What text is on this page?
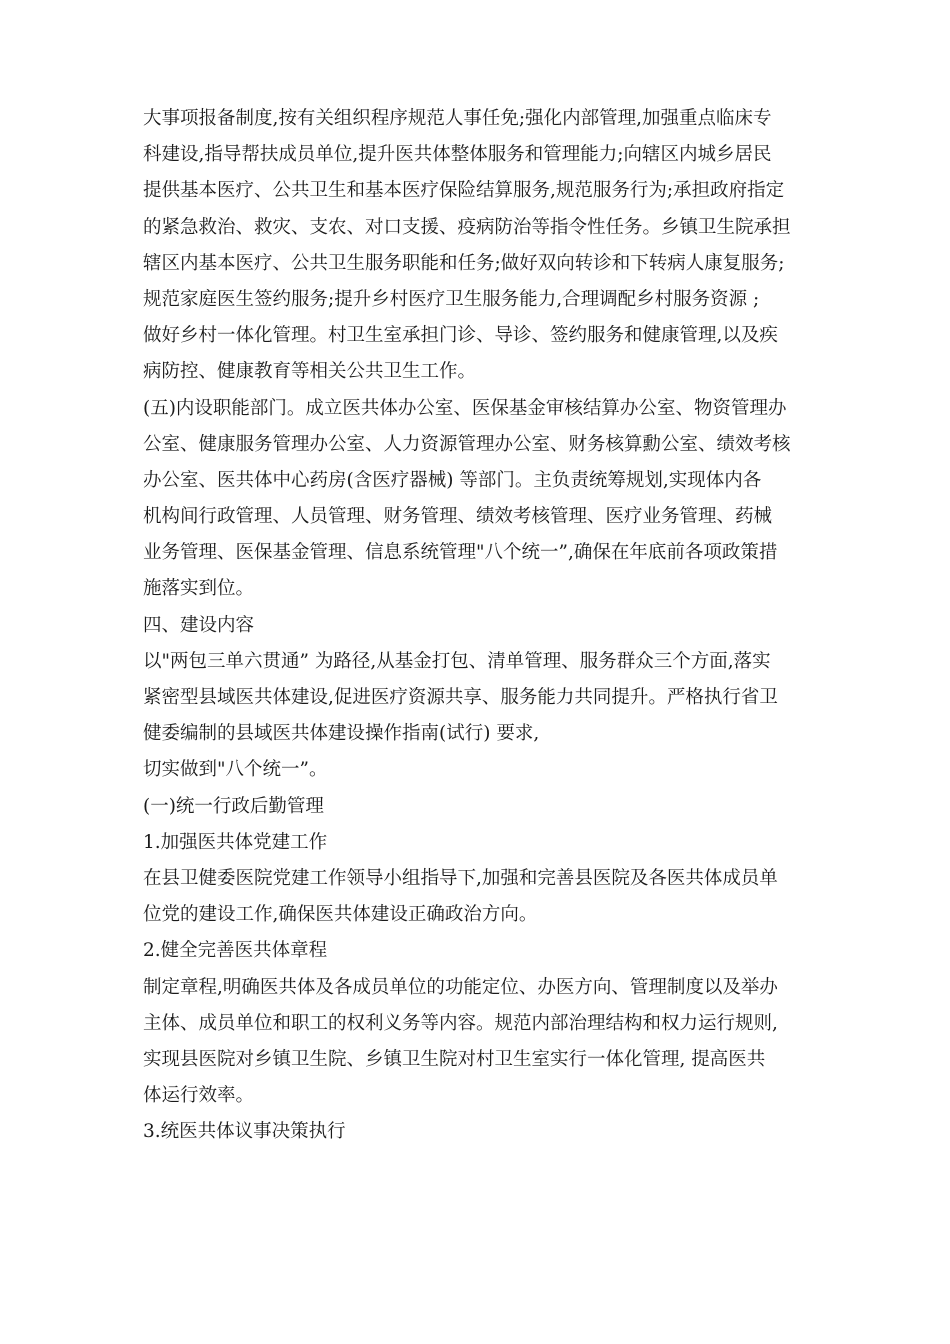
大事项报备制度,按有关组织程序规范人事任免;强化内部管理,加强重点临床专
科建设,指导帮扶成员单位,提升医共体整体服务和管理能力;向辖区内城乡居民
提供基本医疗、公共卫生和基本医疗保险结算服务,规范服务行为;承担政府指定
的紧急救治、救灾、支农、对口支援、疫病防治等指令性任务。乡镇卫生院承担
辖区内基本医疗、公共卫生服务职能和任务;做好双向转诊和下转病人康复服务;
规范家庭医生签约服务;提升乡村医疗卫生服务能力,合理调配乡村服务资源 ;
做好乡村一体化管理。村卫生室承担门诊、导诊、签约服务和健康管理,以及疾
病防控、健康教育等相关公共卫生工作。
(五)内设职能部门。成立医共体办公室、医保基金审核结算办公室、物资管理办
公室、健康服务管理办公室、人力资源管理办公室、财务核算勳公室、绩效考核
办公室、医共体中心药房(含医疗器械) 等部门。主负责统筹规划,实现体内各
机构间行政管理、人员管理、财务管理、绩效考核管理、医疗业务管理、药械
业务管理、医保基金管理、信息系统管理"八个统一”,确保在年底前各项政策措
施落实到位。
四、建设内容
以"两包三单六贯通” 为路径,从基金打包、清单管理、服务群众三个方面,落实
紧密型县域医共体建设,促进医疗资源共享、服务能力共同提升。严格执行省卫
健委编制的县域医共体建设操作指南(试行) 要求,
切实做到"八个统一”。
(一)统一行政后勤管理
1.加强医共体党建工作
在县卫健委医院党建工作领导小组指导下,加强和完善县医院及各医共体成员单
位党的建设工作,确保医共体建设正确政治方向。
2.健全完善医共体章程
制定章程,明确医共体及各成员单位的功能定位、办医方向、管理制度以及举办
主体、成员单位和职工的权利义务等内容。规范内部治理结构和权力运行规则,
实现县医院对乡镇卫生院、乡镇卫生院对村卫生室实行一体化管理, 提高医共
体运行效率。
3.统医共体议事决策执行
